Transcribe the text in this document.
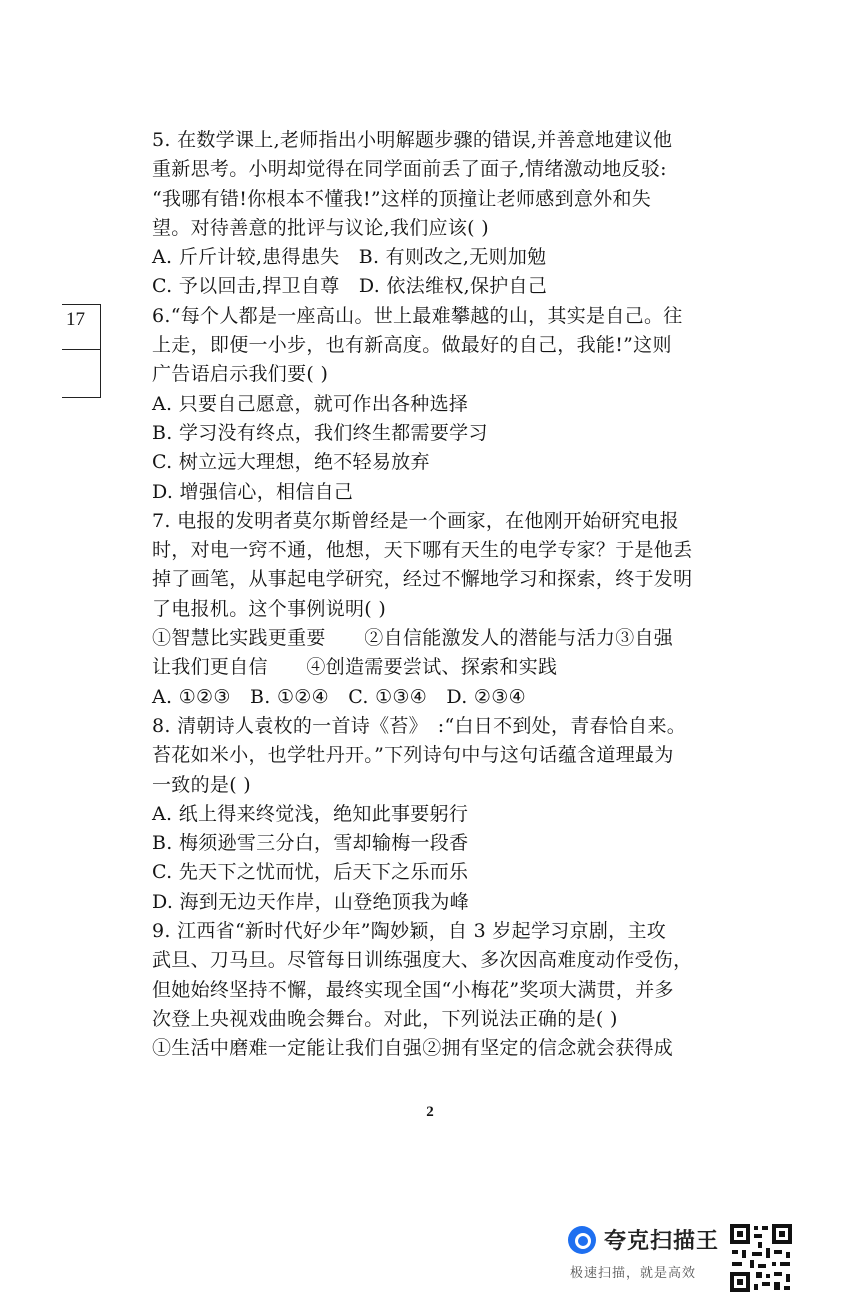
17
5. 在数学课上,老师指出小明解题步骤的错误,并善意地建议他
重新思考。小明却觉得在同学面前丢了面子,情绪激动地反驳:
“我哪有错!你根本不懂我!”这样的顶撞让老师感到意外和失
望。对待善意的批评与议论,我们应该( )
A. 斤斤计较,患得患失　B. 有则改之,无则加勉
C. 予以回击,捍卫自尊　D. 依法维权,保护自己
6.“每个人都是一座高山。世上最难攀越的山，其实是自己。往
上走，即便一小步，也有新高度。做最好的自己，我能!”这则
广告语启示我们要( )
A. 只要自己愿意，就可作出各种选择
B. 学习没有终点，我们终生都需要学习
C. 树立远大理想，绝不轻易放弃
D. 增强信心，相信自己
7. 电报的发明者莫尔斯曾经是一个画家，在他刚开始研究电报
时，对电一窍不通，他想，天下哪有天生的电学专家？于是他丢
掉了画笔，从事起电学研究，经过不懈地学习和探索，终于发明
了电报机。这个事例说明( )
①智慧比实践更重要　　②自信能激发人的潜能与活力③自强
让我们更自信　　④创造需要尝试、探索和实践
A. ①②③　B. ①②④　C. ①③④　D. ②③④
8. 清朝诗人袁枚的一首诗《苔》　:“白日不到处，青春恰自来。
苔花如米小，也学牡丹开。”下列诗句中与这句话蕴含道理最为
一致的是( )
A. 纸上得来终觉浅，绝知此事要躬行
B. 梅须逊雪三分白，雪却输梅一段香
C. 先天下之忧而忧，后天下之乐而乐
D. 海到无边天作岸，山登绝顶我为峰
9. 江西省“新时代好少年”陶妙颖，自 3 岁起学习京剧，主攻
武旦、刀马旦。尽管每日训练强度大、多次因高难度动作受伤，
但她始终坚持不懈，最终实现全国“小梅花”奖项大满贯，并多
次登上央视戏曲晚会舞台。对此，下列说法正确的是( )
①生活中磨难一定能让我们自强②拥有坚定的信念就会获得成
2
夸克扫描王
极速扫描，就是高效
